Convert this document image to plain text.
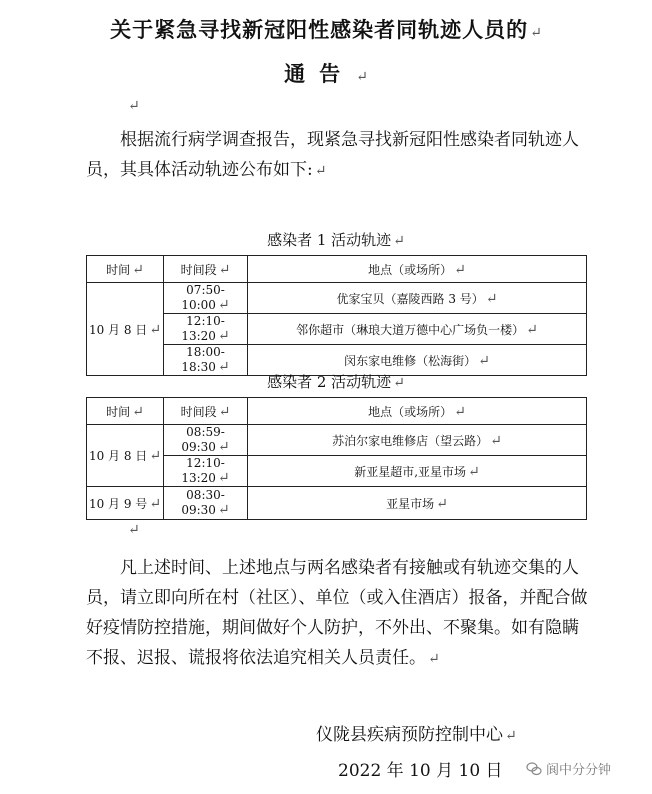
关于紧急寻找新冠阳性感染者同轨迹人员的 ↵
通告 ↵
↵
根据流行病学调查报告，现紧急寻找新冠阳性感染者同轨迹人员，其具体活动轨迹公布如下: ↵
感染者 1 活动轨迹 ↵
时间 ↵	时间段 ↵	地点（或场所） ↵
10 月 8 日 ↵	07:50-10:00 ↵	优家宝贝（嘉陵西路 3 号） ↵
	12:10-13:20 ↵	邻你超市（琳琅大道万德中心广场负一楼） ↵
	18:00-18:30 ↵	闵东家电维修（松海街） ↵
感染者 2 活动轨迹 ↵
时间 ↵	时间段 ↵	地点（或场所） ↵
10 月 8 日 ↵	08:59-09:30 ↵	苏泊尔家电维修店（望云路） ↵
	12:10-13:20 ↵	新亚星超市,亚星市场 ↵
10 月 9 号 ↵	08:30-09:30 ↵	亚星市场 ↵
↵
凡上述时间、上述地点与两名感染者有接触或有轨迹交集的人员，请立即向所在村（社区）、单位（或入住酒店）报备，并配合做好疫情防控措施，期间做好个人防护，不外出、不聚集。如有隐瞒不报、迟报、谎报将依法追究相关人员责任。 ↵
仪陇县疾病预防控制中心 ↵
2022 年 10 月 10 日	阆中分分钟
